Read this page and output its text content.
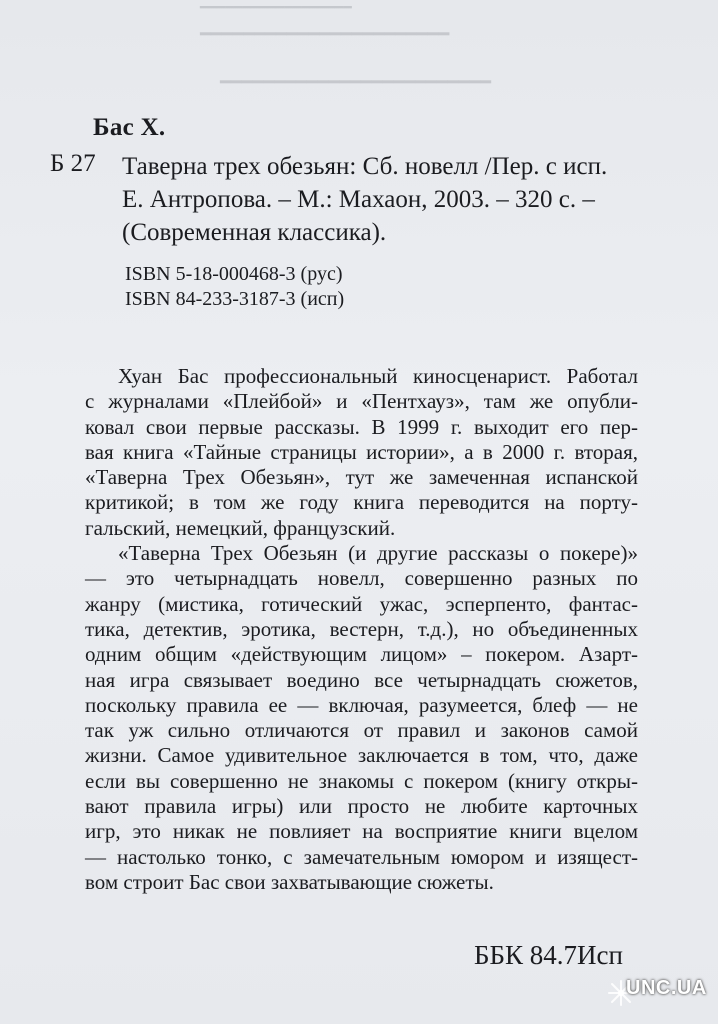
━━━━━━━━━━━━━━━━━━
━━━━━━━━━━━━━━━━━━━━━━━
━━━━━━━━━━━━━━━━━━━━━━━━━
Бас Х.
Б 27 Таверна трех обезьян: Сб. новелл /Пер. с исп.
Е. Антропова. – М.: Махаон, 2003. – 320 с. –
(Современная классика).
ISBN 5-18-000468-3 (рус)
ISBN 84-233-3187-3 (исп)
Хуан Бас профессиональный киносценарист. Работал
с журналами «Плейбой» и «Пентхауз», там же опубли-
ковал свои первые рассказы. В 1999 г. выходит его пер-
вая книга «Тайные страницы истории», а в 2000 г. вторая,
«Таверна Трех Обезьян», тут же замеченная испанской
критикой; в том же году книга переводится на порту-
гальский, немецкий, французский.
«Таверна Трех Обезьян (и другие рассказы о покере)»
— это четырнадцать новелл, совершенно разных по
жанру (мистика, готический ужас, эсперпенто, фантас-
тика, детектив, эротика, вестерн, т.д.), но объединенных
одним общим «действующим лицом» – покером. Азарт-
ная игра связывает воедино все четырнадцать сюжетов,
поскольку правила ее — включая, разумеется, блеф — не
так уж сильно отличаются от правил и законов самой
жизни. Самое удивительное заключается в том, что, даже
если вы совершенно не знакомы с покером (книгу откры-
вают правила игры) или просто не любите карточных
игр, это никак не повлияет на восприятие книги вцелом
— настолько тонко, с замечательным юмором и изящест-
вом строит Бас свои захватывающие сюжеты.
ББК 84.7Исп
UNC.UA
